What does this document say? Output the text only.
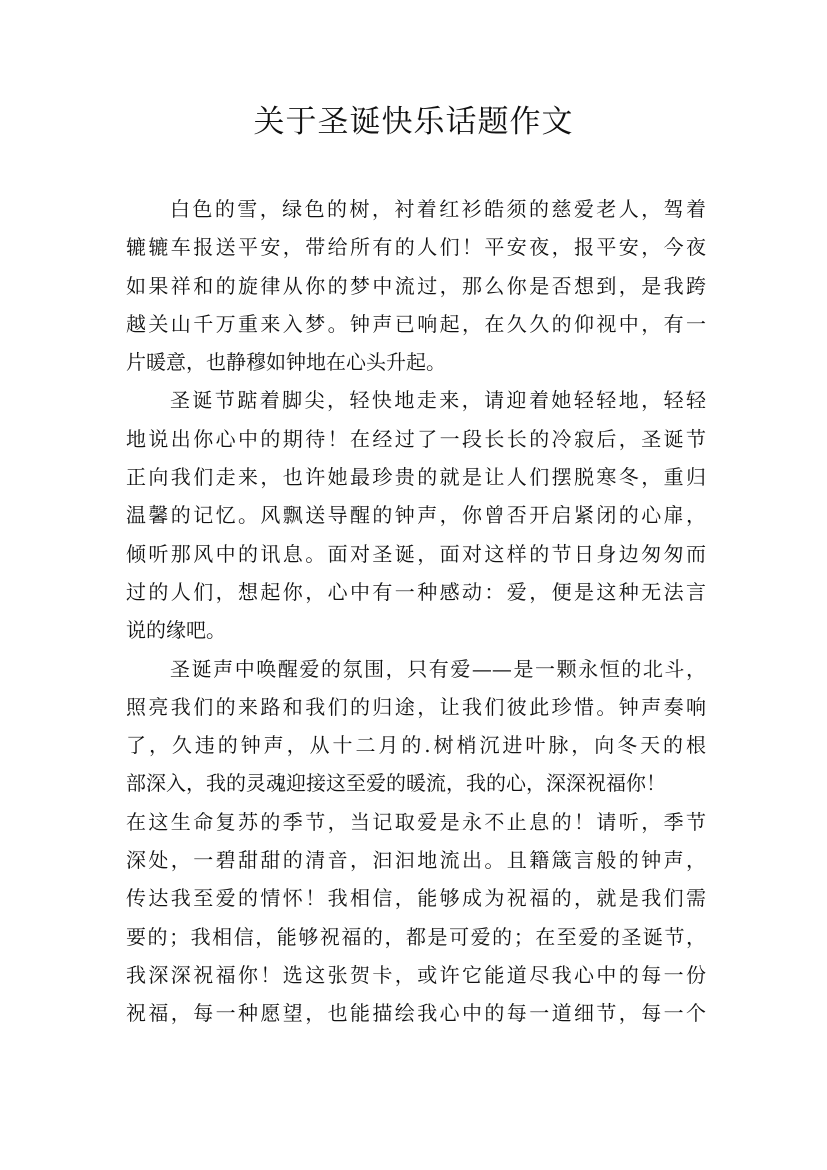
关于圣诞快乐话题作文
白色的雪，绿色的树，衬着红衫皓须的慈爱老人，驾着
辘辘车报送平安，带给所有的人们！平安夜，报平安，今夜
如果祥和的旋律从你的梦中流过，那么你是否想到，是我跨
越关山千万重来入梦。钟声已响起，在久久的仰视中，有一
片暖意，也静穆如钟地在心头升起。
圣诞节踮着脚尖，轻快地走来，请迎着她轻轻地，轻轻
地说出你心中的期待！在经过了一段长长的冷寂后，圣诞节
正向我们走来，也许她最珍贵的就是让人们摆脱寒冬，重归
温馨的记忆。风飘送导醒的钟声，你曾否开启紧闭的心扉，
倾听那风中的讯息。面对圣诞，面对这样的节日身边匆匆而
过的人们，想起你，心中有一种感动：爱，便是这种无法言
说的缘吧。
圣诞声中唤醒爱的氛围，只有爱——是一颗永恒的北斗，
照亮我们的来路和我们的归途，让我们彼此珍惜。钟声奏响
了，久违的钟声，从十二月的.树梢沉进叶脉，向冬天的根
部深入，我的灵魂迎接这至爱的暖流，我的心，深深祝福你！
在这生命复苏的季节，当记取爱是永不止息的！请听，季节
深处，一碧甜甜的清音，汩汩地流出。且籍箴言般的钟声，
传达我至爱的情怀！我相信，能够成为祝福的，就是我们需
要的；我相信，能够祝福的，都是可爱的；在至爱的圣诞节，
我深深祝福你！选这张贺卡，或许它能道尽我心中的每一份
祝福，每一种愿望，也能描绘我心中的每一道细节，每一个
